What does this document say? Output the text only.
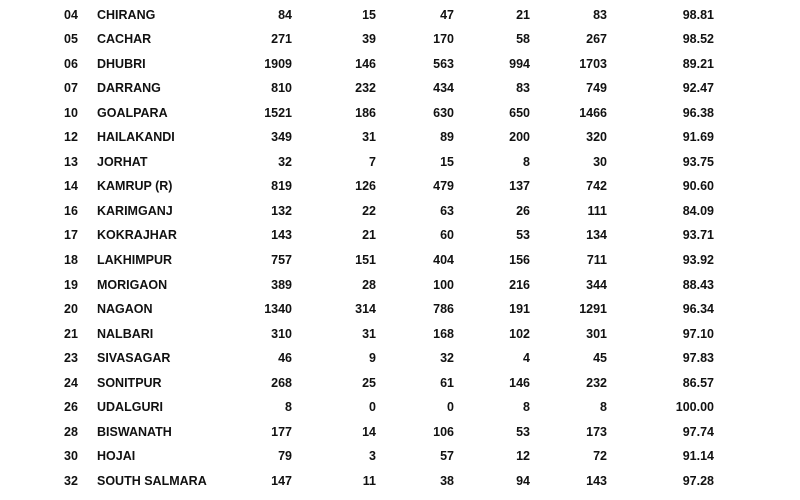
04	CHIRANG	84	15	47	21	83	98.81
05	CACHAR	271	39	170	58	267	98.52
06	DHUBRI	1909	146	563	994	1703	89.21
07	DARRANG	810	232	434	83	749	92.47
10	GOALPARA	1521	186	630	650	1466	96.38
12	HAILAKANDI	349	31	89	200	320	91.69
13	JORHAT	32	7	15	8	30	93.75
14	KAMRUP (R)	819	126	479	137	742	90.60
16	KARIMGANJ	132	22	63	26	111	84.09
17	KOKRAJHAR	143	21	60	53	134	93.71
18	LAKHIMPUR	757	151	404	156	711	93.92
19	MORIGAON	389	28	100	216	344	88.43
20	NAGAON	1340	314	786	191	1291	96.34
21	NALBARI	310	31	168	102	301	97.10
23	SIVASAGAR	46	9	32	4	45	97.83
24	SONITPUR	268	25	61	146	232	86.57
26	UDALGURI	8	0	0	8	8	100.00
28	BISWANATH	177	14	106	53	173	97.74
30	HOJAI	79	3	57	12	72	91.14
32	SOUTH SALMARA	147	11	38	94	143	97.28
